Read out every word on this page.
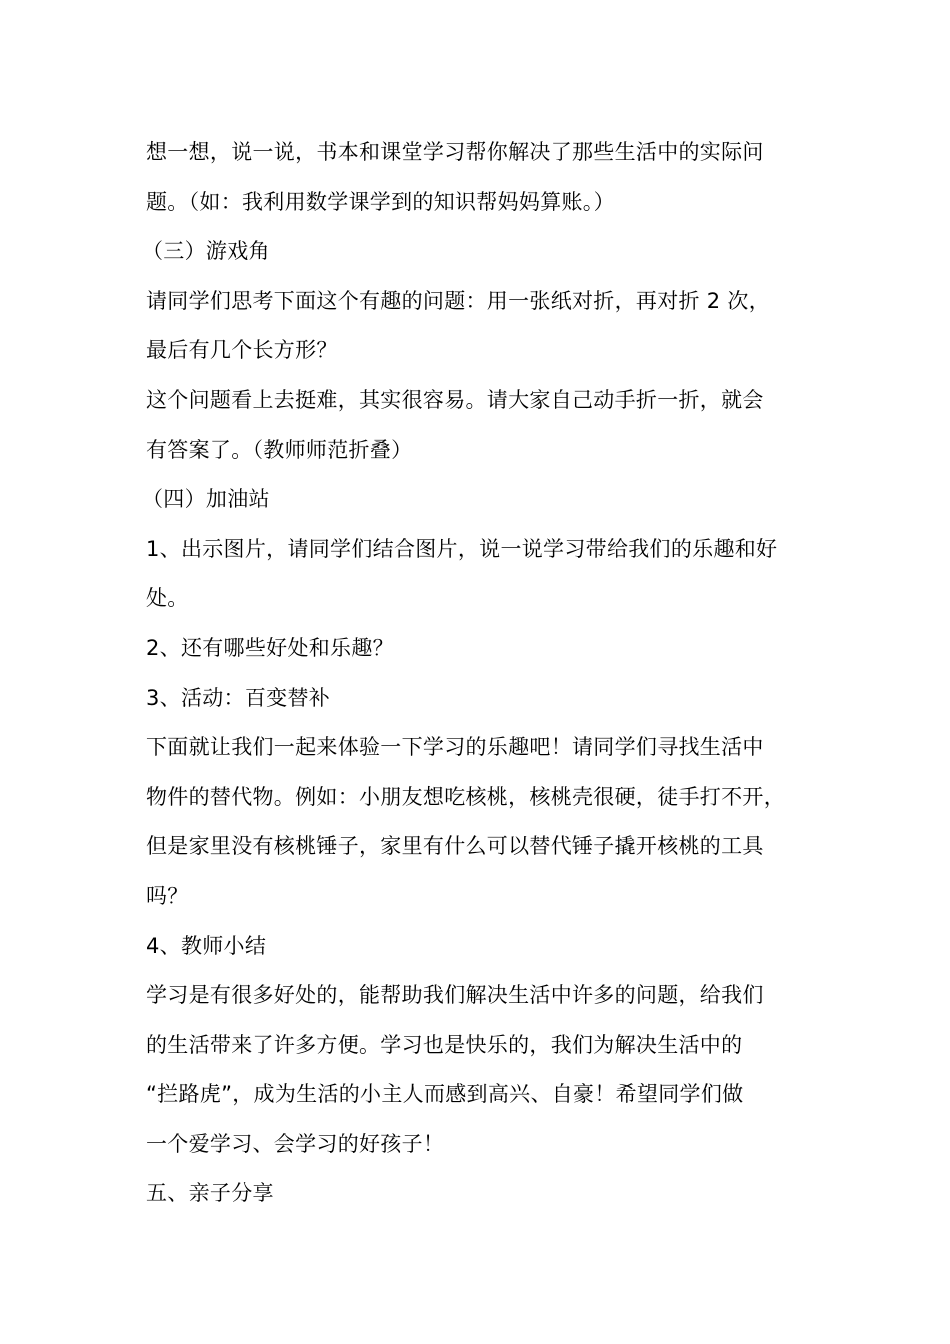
想一想，说一说，书本和课堂学习帮你解决了那些生活中的实际问
题。（如：我利用数学课学到的知识帮妈妈算账。）
（三）游戏角
请同学们思考下面这个有趣的问题：用一张纸对折，再对折 2 次，
最后有几个长方形？
这个问题看上去挺难，其实很容易。请大家自己动手折一折，就会
有答案了。（教师师范折叠）
（四）加油站
1、出示图片，请同学们结合图片，说一说学习带给我们的乐趣和好
处。
2、还有哪些好处和乐趣？
3、活动：百变替补
下面就让我们一起来体验一下学习的乐趣吧！请同学们寻找生活中
物件的替代物。例如：小朋友想吃核桃，核桃壳很硬，徒手打不开，
但是家里没有核桃锤子，家里有什么可以替代锤子撬开核桃的工具
吗？
4、教师小结
学习是有很多好处的，能帮助我们解决生活中许多的问题，给我们
的生活带来了许多方便。学习也是快乐的，我们为解决生活中的
“拦路虎”，成为生活的小主人而感到高兴、自豪！希望同学们做
一个爱学习、会学习的好孩子！
五、亲子分享
